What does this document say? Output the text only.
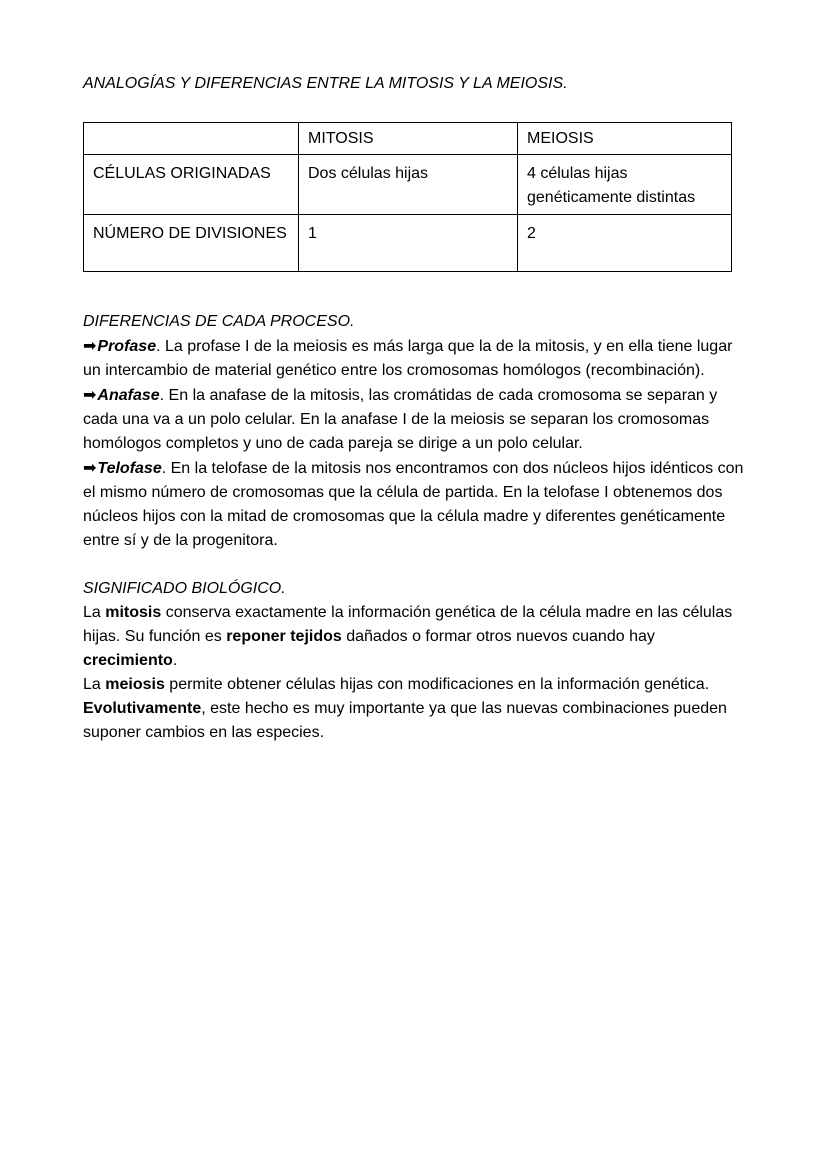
ANALOGÍAS Y DIFERENCIAS ENTRE LA MITOSIS Y LA MEIOSIS.
	MITOSIS	MEIOSIS
CÉLULAS ORIGINADAS	Dos células hijas	4 células hijas genéticamente distintas
NÚMERO DE DIVISIONES	1	2
DIFERENCIAS DE CADA PROCESO.

➡Profase. La profase I de la meiosis es más larga que la de la mitosis, y en ella tiene lugar un intercambio de material genético entre los cromosomas homólogos (recombinación).

➡Anafase. En la anafase de la mitosis, las cromátidas de cada cromosoma se separan y cada una va a un polo celular. En la anafase I de la meiosis se separan los cromosomas homólogos completos y uno de cada pareja se dirige a un polo celular.

➡Telofase. En la telofase de la mitosis nos encontramos con dos núcleos hijos idénticos con el mismo número de cromosomas que la célula de partida. En la telofase I obtenemos dos núcleos hijos con la mitad de cromosomas que la célula madre y diferentes genéticamente entre sí y de la progenitora.

SIGNIFICADO BIOLÓGICO.

La mitosis conserva exactamente la información genética de la célula madre en las células hijas. Su función es reponer tejidos dañados o formar otros nuevos cuando hay crecimiento.

La meiosis permite obtener células hijas con modificaciones en la información genética. Evolutivamente, este hecho es muy importante ya que las nuevas combinaciones pueden suponer cambios en las especies.
